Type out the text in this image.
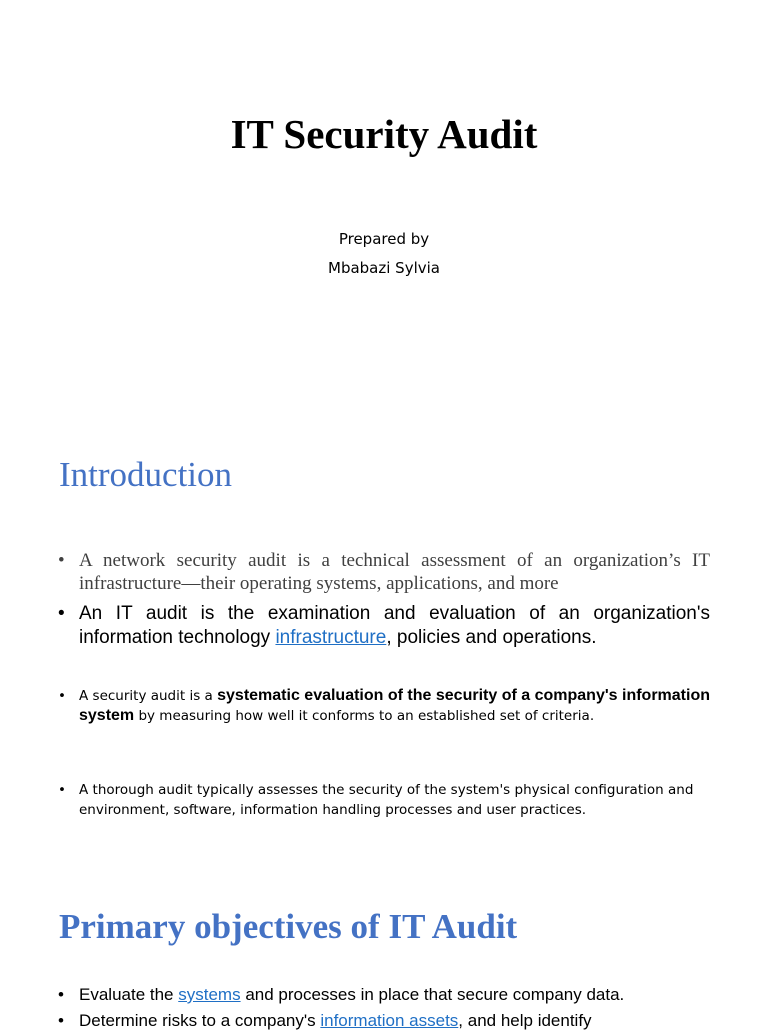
IT Security Audit
Prepared by
Mbabazi Sylvia
Introduction
• A network security audit is a technical assessment of an organization’s IT infrastructure—their operating systems, applications, and more
• An IT audit is the examination and evaluation of an organization's information technology infrastructure, policies and operations.
• A security audit is a systematic evaluation of the security of a company's information system by measuring how well it conforms to an established set of criteria.
• A thorough audit typically assesses the security of the system's physical configuration and environment, software, information handling processes and user practices.
Primary objectives of IT Audit
• Evaluate the systems and processes in place that secure company data.
• Determine risks to a company's information assets, and help identify
